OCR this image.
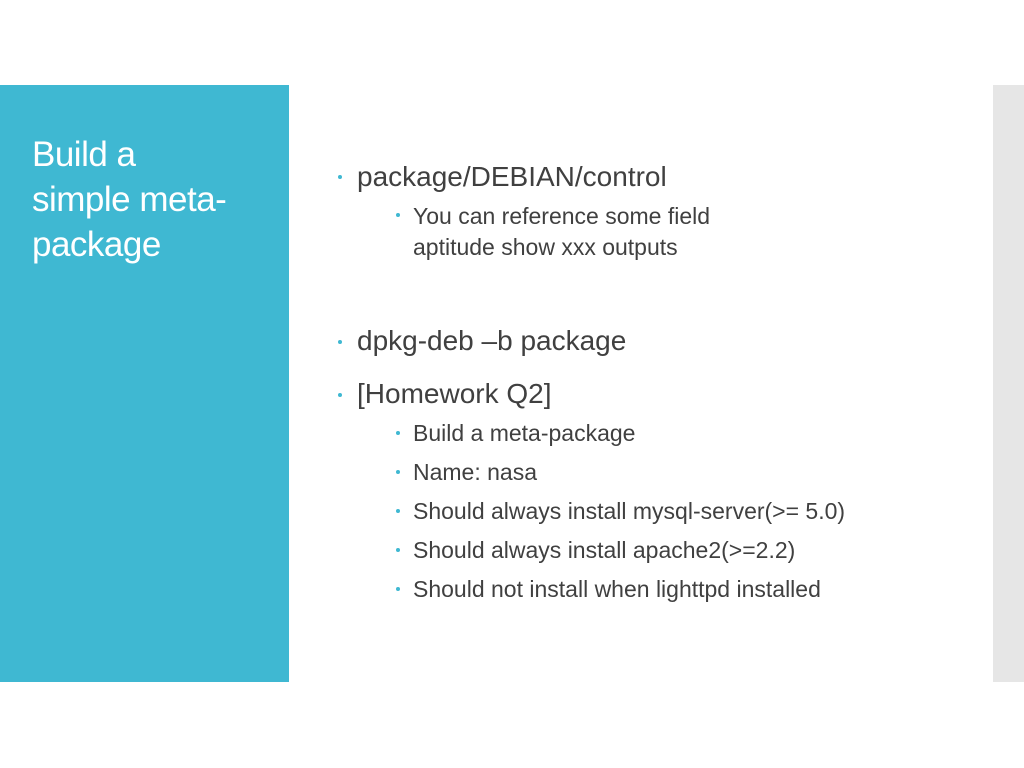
Build a
simple meta-
package
package/DEBIAN/control
You can reference some field
aptitude show xxx outputs
dpkg-deb –b package
[Homework Q2]
Build a meta-package
Name: nasa
Should always install mysql-server(>= 5.0)
Should always install apache2(>=2.2)
Should not install when lighttpd installed
